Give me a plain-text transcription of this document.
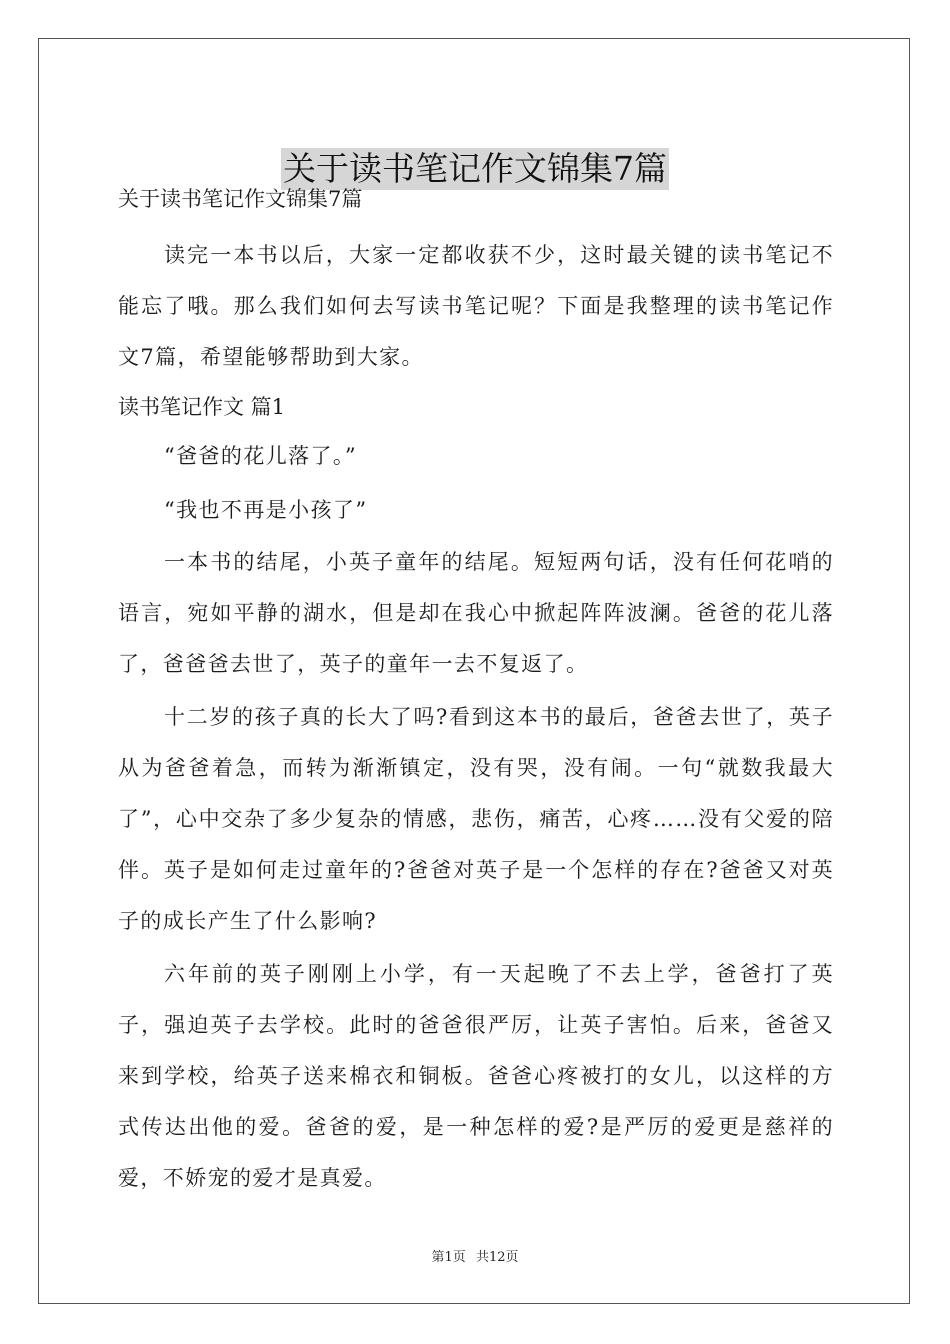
关于读书笔记作文锦集7篇

关于读书笔记作文锦集7篇

读完一本书以后，大家一定都收获不少，这时最关键的读书笔记不能忘了哦。那么我们如何去写读书笔记呢？下面是我整理的读书笔记作文7篇，希望能够帮助到大家。

读书笔记作文 篇1

“爸爸的花儿落了。”

“我也不再是小孩了”

一本书的结尾，小英子童年的结尾。短短两句话，没有任何花哨的语言，宛如平静的湖水，但是却在我心中掀起阵阵波澜。爸爸的花儿落了，爸爸爸去世了，英子的童年一去不复返了。

十二岁的孩子真的长大了吗?看到这本书的最后，爸爸去世了，英子从为爸爸着急，而转为渐渐镇定，没有哭，没有闹。一句“就数我最大了”，心中交杂了多少复杂的情感，悲伤，痛苦，心疼……没有父爱的陪伴。英子是如何走过童年的?爸爸对英子是一个怎样的存在?爸爸又对英子的成长产生了什么影响?

六年前的英子刚刚上小学，有一天起晚了不去上学，爸爸打了英子，强迫英子去学校。此时的爸爸很严厉，让英子害怕。后来，爸爸又来到学校，给英子送来棉衣和铜板。爸爸心疼被打的女儿，以这样的方式传达出他的爱。爸爸的爱，是一种怎样的爱?是严厉的爱更是慈祥的爱，不娇宠的爱才是真爱。

第1页 共12页
